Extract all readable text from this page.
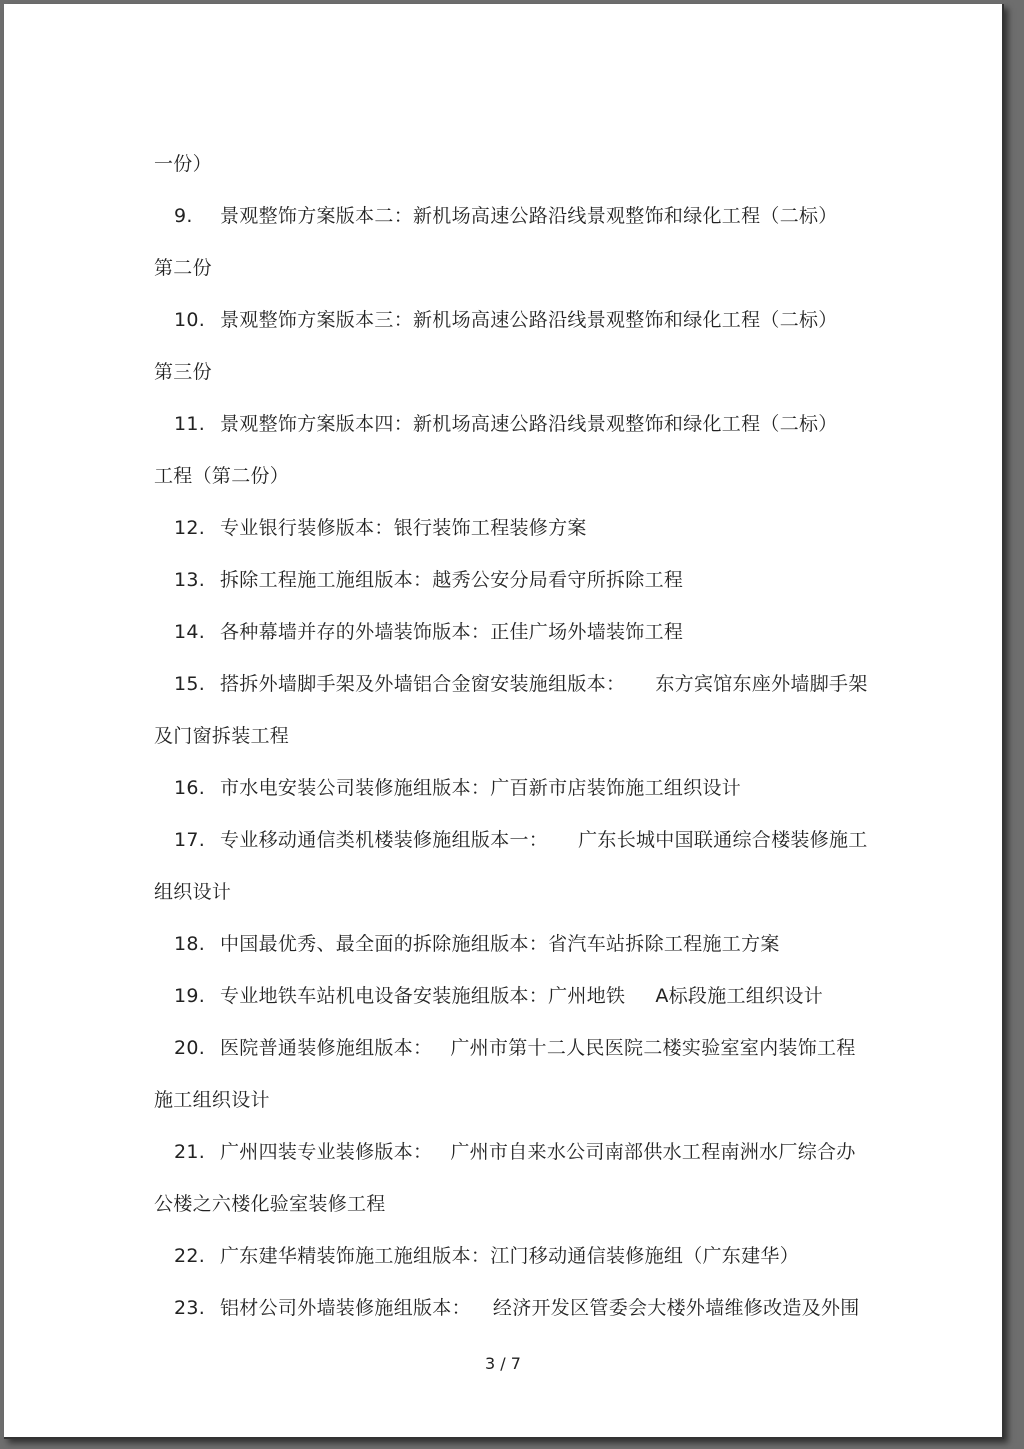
一份）
9. 景观整饰方案版本二：新机场高速公路沿线景观整饰和绿化工程（二标）
第二份
10. 景观整饰方案版本三：新机场高速公路沿线景观整饰和绿化工程（二标）
第三份
11. 景观整饰方案版本四：新机场高速公路沿线景观整饰和绿化工程（二标）
工程（第二份）
12. 专业银行装修版本：银行装饰工程装修方案
13. 拆除工程施工施组版本：越秀公安分局看守所拆除工程
14. 各种幕墙并存的外墙装饰版本：正佳广场外墙装饰工程
15. 搭拆外墙脚手架及外墙铝合金窗安装施组版本： 东方宾馆东座外墙脚手架
及门窗拆装工程
16. 市水电安装公司装修施组版本：广百新市店装饰施工组织设计
17. 专业移动通信类机楼装修施组版本一： 广东长城中国联通综合楼装修施工
组织设计
18. 中国最优秀、最全面的拆除施组版本：省汽车站拆除工程施工方案
19. 专业地铁车站机电设备安装施组版本：广州地铁 A标段施工组织设计
20. 医院普通装修施组版本： 广州市第十二人民医院二楼实验室室内装饰工程
施工组织设计
21. 广州四装专业装修版本： 广州市自来水公司南部供水工程南洲水厂综合办
公楼之六楼化验室装修工程
22. 广东建华精装饰施工施组版本：江门移动通信装修施组（广东建华）
23. 铝材公司外墙装修施组版本： 经济开发区管委会大楼外墙维修改造及外围
3 / 7
